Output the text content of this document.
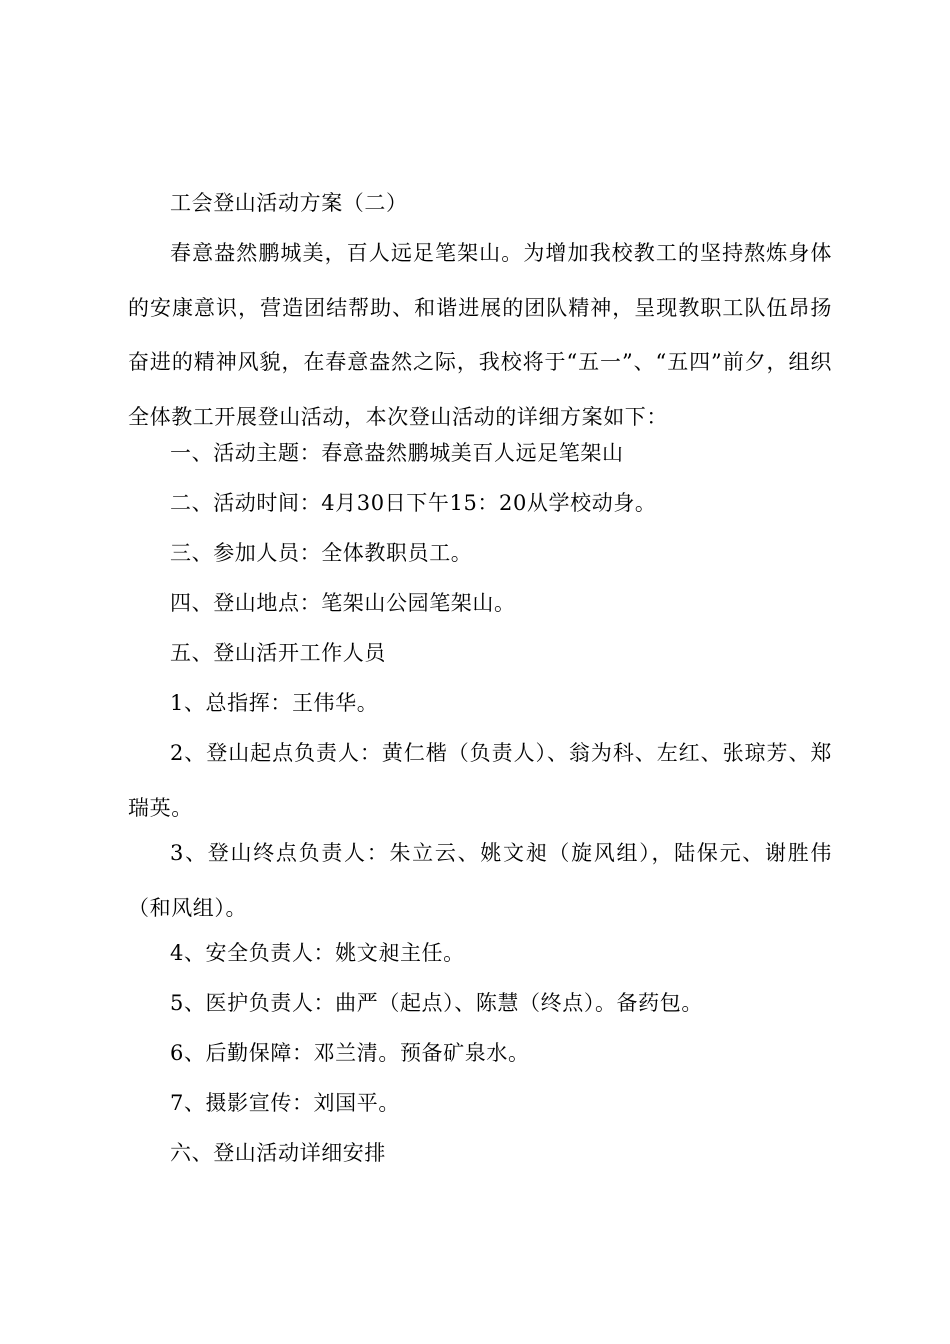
工会登山活动方案（二）

春意盎然鹏城美，百人远足笔架山。为增加我校教工的坚持熬炼身体的安康意识，营造团结帮助、和谐进展的团队精神，呈现教职工队伍昂扬奋进的精神风貌，在春意盎然之际，我校将于“五一”、“五四”前夕，组织全体教工开展登山活动，本次登山活动的详细方案如下：

一、活动主题：春意盎然鹏城美百人远足笔架山

二、活动时间：4月30日下午15：20从学校动身。

三、参加人员：全体教职员工。

四、登山地点：笔架山公园笔架山。

五、登山活开工作人员

1、总指挥：王伟华。

2、登山起点负责人：黄仁楷（负责人）、翁为科、左红、张琼芳、郑瑞英。

3、登山终点负责人：朱立云、姚文昶（旋风组），陆保元、谢胜伟（和风组）。

4、安全负责人：姚文昶主任。

5、医护负责人：曲严（起点）、陈慧（终点）。备药包。

6、后勤保障：邓兰清。预备矿泉水。

7、摄影宣传：刘国平。

六、登山活动详细安排
